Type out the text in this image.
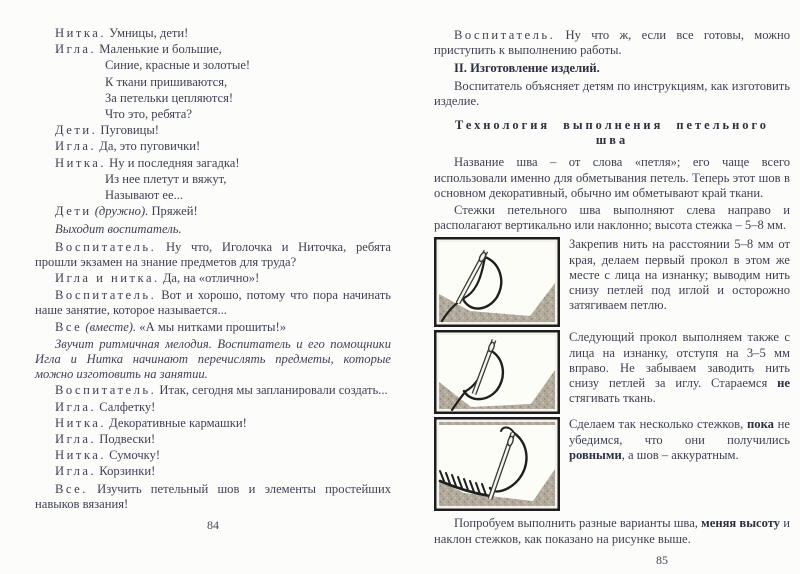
Нитка. Умницы, дети!

Игла. Маленькие и большие,

Синие, красные и золотые!

К ткани пришиваются,

За петельки цепляются!

Что это, ребята?

Дети. Пуговицы!

Игла. Да, это пуговички!

Нитка. Ну и последняя загадка!

Из нее плетут и вяжут,

Называют ее...

Дети (дружно). Пряжей!

Выходит воспитатель.

Воспитатель. Ну что, Иголочка и Ниточка, ребята прошли экзамен на знание предметов для труда?

Игла и нитка. Да, на «отлично»!

Воспитатель. Вот и хорошо, потому что пора начинать наше занятие, которое называется...

Все (вместе). «А мы нитками прошиты!»

Звучит ритмичная мелодия. Воспитатель и его помощники Игла и Нитка начинают перечислять предметы, которые можно изготовить на занятии.

Воспитатель. Итак, сегодня мы запланировали создать...

Игла. Салфетку!

Нитка. Декоративные кармашки!

Игла. Подвески!

Нитка. Сумочку!

Игла. Корзинки!

Все. Изучить петельный шов и элементы простейших навыков вязания!

84

Воспитатель. Ну что ж, если все готовы, можно приступить к выполнению работы.

II. Изготовление изделий.

Воспитатель объясняет детям по инструкциям, как изготовить изделие.

Технология выполнения петельного шва

Название шва – от слова «петля»; его чаще всего использовали именно для обметывания петель. Теперь этот шов в основном декоративный, обычно им обметывают край ткани.

Стежки петельного шва выполняют слева направо и располагают вертикально или наклонно; высота стежка – 5–8 мм.

Закрепив нить на расстоянии 5–8 мм от края, делаем первый прокол в этом же месте с лица на изнанку; выводим нить снизу петлей под иглой и осторожно затягиваем петлю.

Следующий прокол выполняем также с лица на изнанку, отступя на 3–5 мм вправо. Не забываем заводить нить снизу петлей за иглу. Стараемся не стягивать ткань.

Сделаем так несколько стежков, пока не убедимся, что они получились ровными, а шов – аккуратным.

Попробуем выполнить разные варианты шва, меняя высоту и наклон стежков, как показано на рисунке выше.

85
